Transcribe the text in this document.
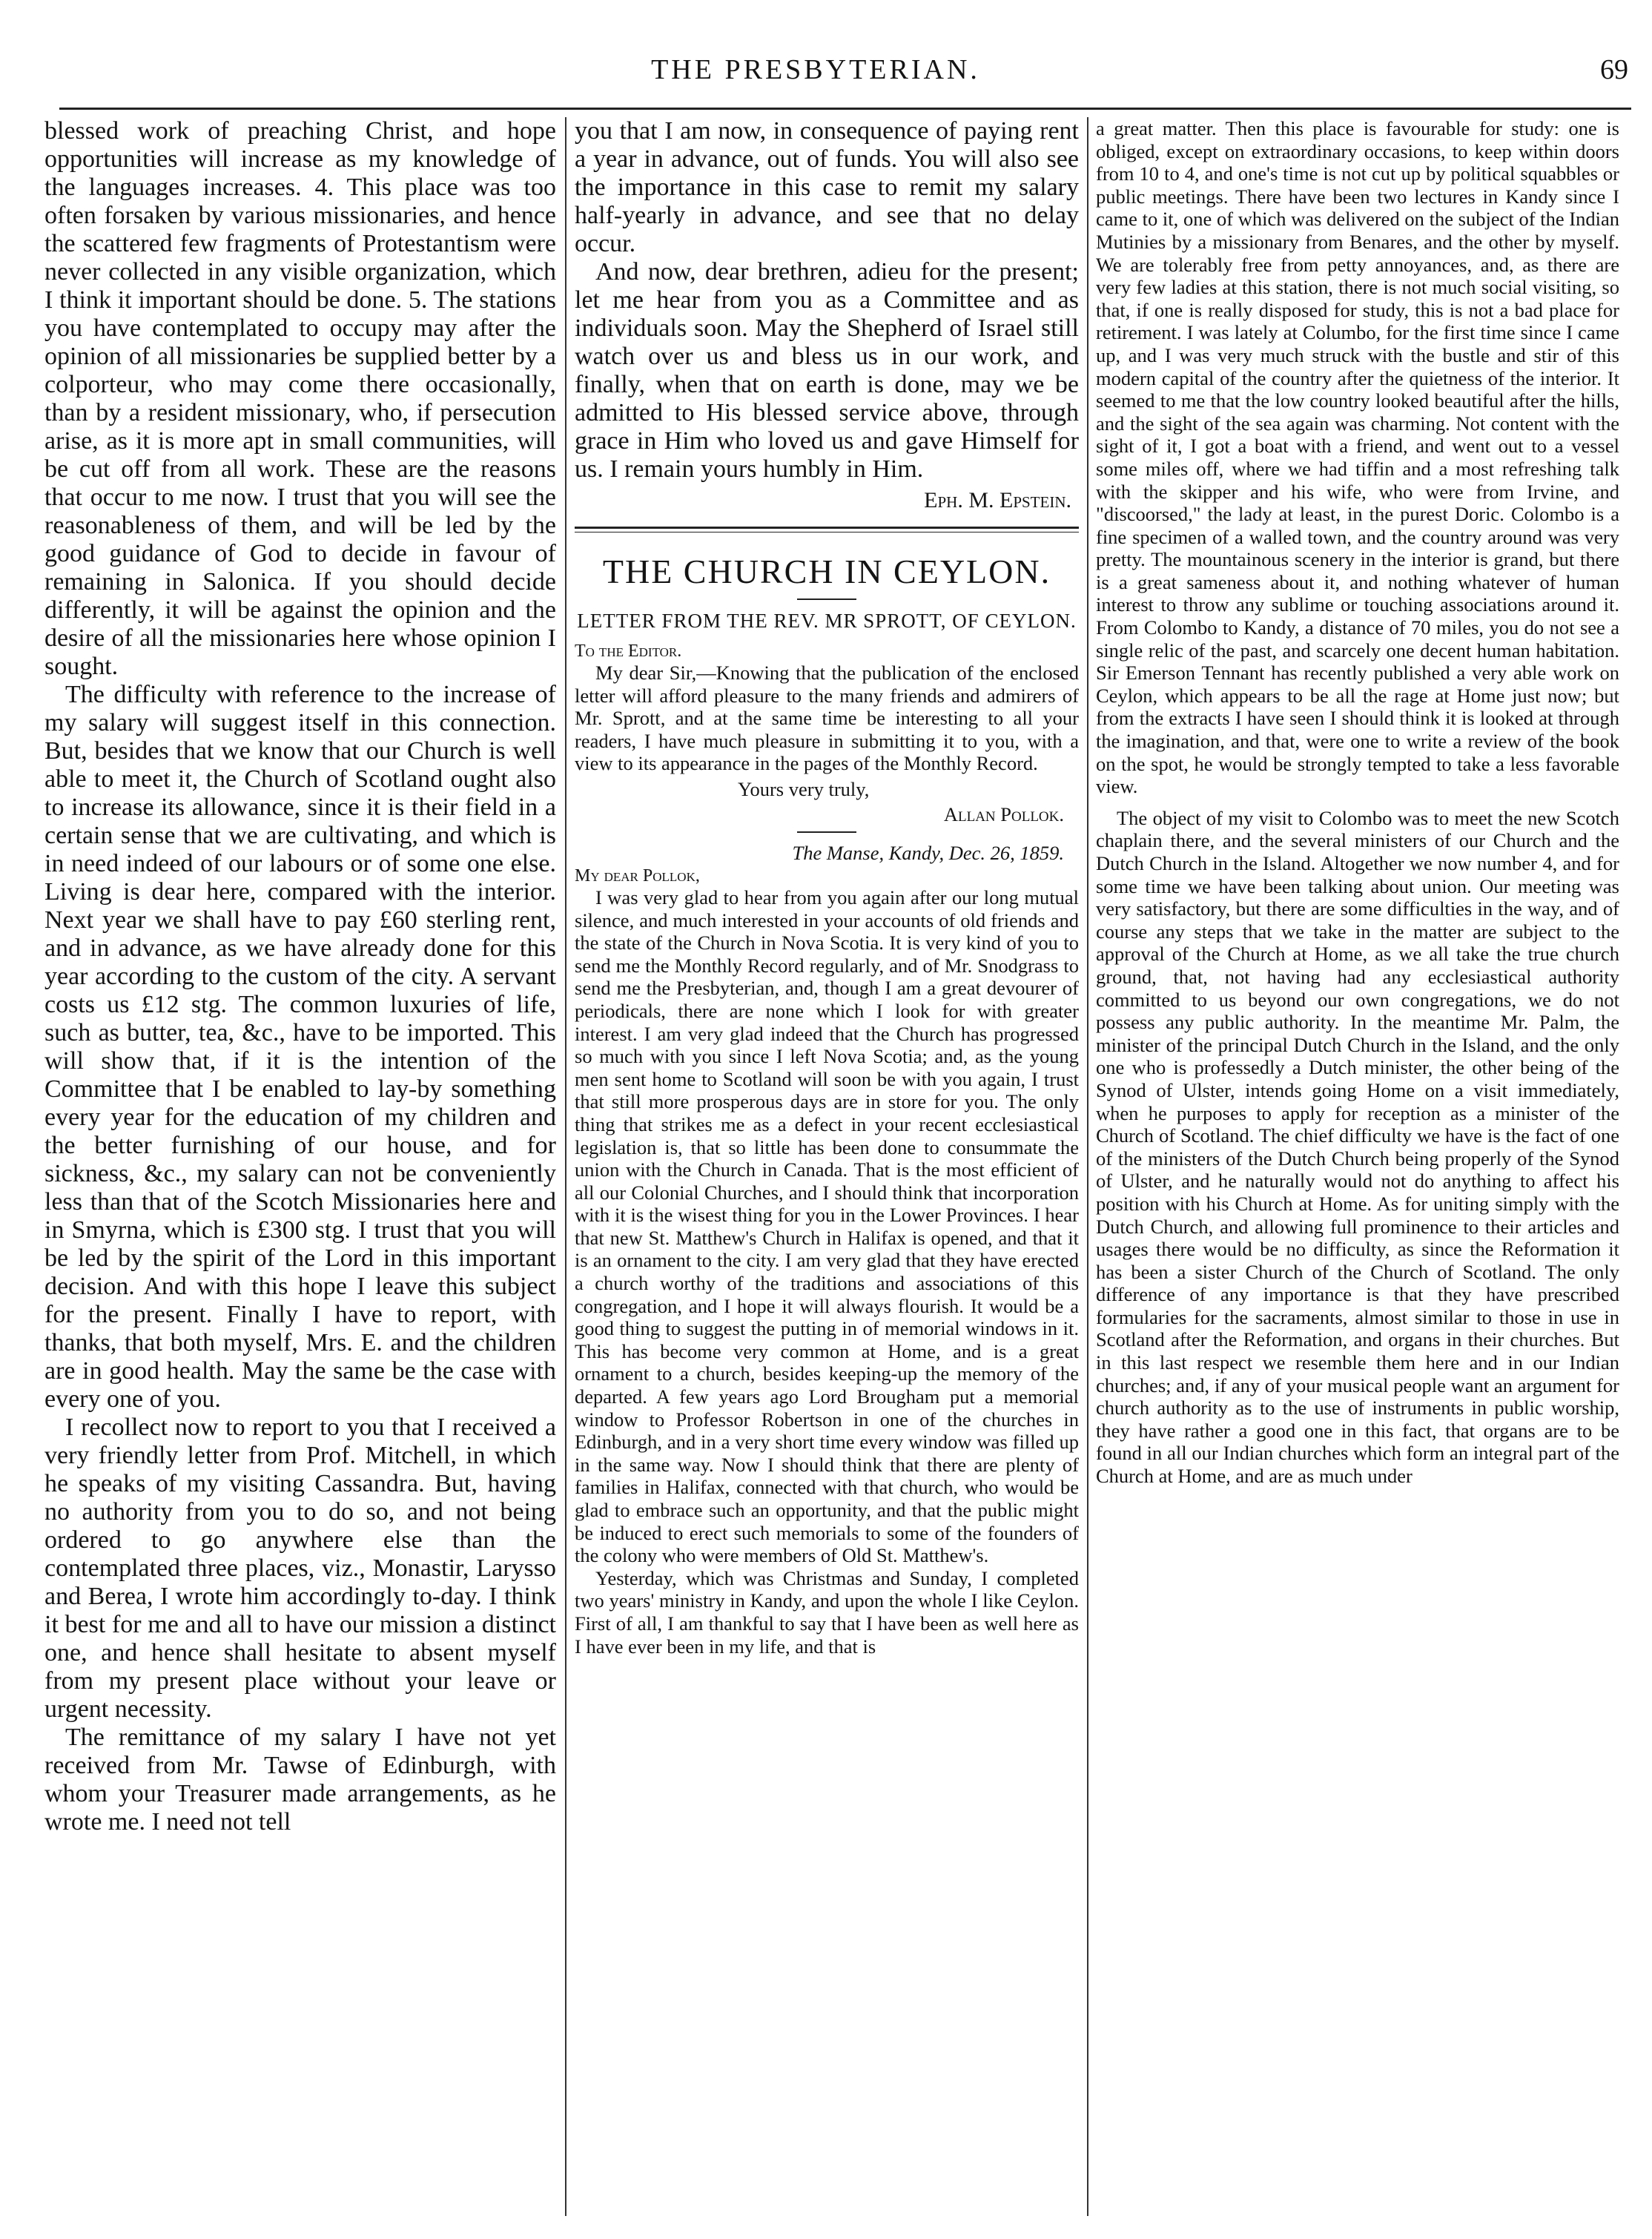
THE PRESBYTERIAN.	69

blessed work of preaching Christ, and hope opportunities will increase as my knowledge of the languages increases. 4. This place was too often forsaken by various missionaries, and hence the scattered few fragments of Protestantism were never collected in any visible organization, which I think it important should be done. 5. The stations you have contemplated to occupy may after the opinion of all missionaries be supplied better by a colporteur, who may come there occasionally, than by a resident missionary, who, if persecution arise, as it is more apt in small communities, will be cut off from all work. These are the reasons that occur to me now. I trust that you will see the reasonableness of them, and will be led by the good guidance of God to decide in favour of remaining in Salonica. If you should decide differently, it will be against the opinion and the desire of all the missionaries here whose opinion I sought.

The difficulty with reference to the increase of my salary will suggest itself in this connection. But, besides that we know that our Church is well able to meet it, the Church of Scotland ought also to increase its allowance, since it is their field in a certain sense that we are cultivating, and which is in need indeed of our labours or of some one else. Living is dear here, compared with the interior. Next year we shall have to pay £60 sterling rent, and in advance, as we have already done for this year according to the custom of the city. A servant costs us £12 stg. The common luxuries of life, such as butter, tea, &c., have to be imported. This will show that, if it is the intention of the Committee that I be enabled to lay-by something every year for the education of my children and the better furnishing of our house, and for sickness, &c., my salary can not be conveniently less than that of the Scotch Missionaries here and in Smyrna, which is £300 stg. I trust that you will be led by the spirit of the Lord in this important decision. And with this hope I leave this subject for the present. Finally I have to report, with thanks, that both myself, Mrs. E. and the children are in good health. May the same be the case with every one of you.

I recollect now to report to you that I received a very friendly letter from Prof. Mitchell, in which he speaks of my visiting Cassandra. But, having no authority from you to do so, and not being ordered to go anywhere else than the contemplated three places, viz., Monastir, Larysso and Berea, I wrote him accordingly to-day. I think it best for me and all to have our mission a distinct one, and hence shall hesitate to absent myself from my present place without your leave or urgent necessity.

The remittance of my salary I have not yet received from Mr. Tawse of Edinburgh, with whom your Treasurer made arrangements, as he wrote me. I need not tell

you that I am now, in consequence of paying rent a year in advance, out of funds. You will also see the importance in this case to remit my salary half-yearly in advance, and see that no delay occur.

And now, dear brethren, adieu for the present; let me hear from you as a Committee and as individuals soon. May the Shepherd of Israel still watch over us and bless us in our work, and finally, when that on earth is done, may we be admitted to His blessed service above, through grace in Him who loved us and gave Himself for us. I remain yours humbly in Him.

Eph. M. Epstein.
THE CHURCH IN CEYLON.
LETTER FROM THE REV. MR SPROTT, OF CEYLON.
To the Editor.

My dear Sir,—Knowing that the publication of the enclosed letter will afford pleasure to the many friends and admirers of Mr. Sprott, and at the same time be interesting to all your readers, I have much pleasure in submitting it to you, with a view to its appearance in the pages of the Monthly Record.

Yours very truly,
Allan Pollok.
The Manse, Kandy, Dec. 26, 1859.
My dear Pollok,

I was very glad to hear from you again after our long mutual silence, and much interested in your accounts of old friends and the state of the Church in Nova Scotia. It is very kind of you to send me the Monthly Record regularly, and of Mr. Snodgrass to send me the Presbyterian, and, though I am a great devourer of periodicals, there are none which I look for with greater interest. I am very glad indeed that the Church has progressed so much with you since I left Nova Scotia; and, as the young men sent home to Scotland will soon be with you again, I trust that still more prosperous days are in store for you. The only thing that strikes me as a defect in your recent ecclesiastical legislation is, that so little has been done to consummate the union with the Church in Canada. That is the most efficient of all our Colonial Churches, and I should think that incorporation with it is the wisest thing for you in the Lower Provinces. I hear that new St. Matthew's Church in Halifax is opened, and that it is an ornament to the city. I am very glad that they have erected a church worthy of the traditions and associations of this congregation, and I hope it will always flourish. It would be a good thing to suggest the putting in of memorial windows in it. This has become very common at Home, and is a great ornament to a church, besides keeping-up the memory of the departed. A few years ago Lord Brougham put a memorial window to Professor Robertson in one of the churches in Edinburgh, and in a very short time every window was filled up in the same way. Now I should think that there are plenty of families in Halifax, connected with that church, who would be glad to embrace such an opportunity, and that the public might be induced to erect such memorials to some of the founders of the colony who were members of Old St. Matthew's.

Yesterday, which was Christmas and Sunday, I completed two years' ministry in Kandy, and upon the whole I like Ceylon. First of all, I am thankful to say that I have been as well here as I have ever been in my life, and that is

a great matter. Then this place is favourable for study: one is obliged, except on extraordinary occasions, to keep within doors from 10 to 4, and one's time is not cut up by political squabbles or public meetings. There have been two lectures in Kandy since I came to it, one of which was delivered on the subject of the Indian Mutinies by a missionary from Benares, and the other by myself. We are tolerably free from petty annoyances, and, as there are very few ladies at this station, there is not much social visiting, so that, if one is really disposed for study, this is not a bad place for retirement. I was lately at Columbo, for the first time since I came up, and I was very much struck with the bustle and stir of this modern capital of the country after the quietness of the interior. It seemed to me that the low country looked beautiful after the hills, and the sight of the sea again was charming. Not content with the sight of it, I got a boat with a friend, and went out to a vessel some miles off, where we had tiffin and a most refreshing talk with the skipper and his wife, who were from Irvine, and "discoorsed," the lady at least, in the purest Doric. Colombo is a fine specimen of a walled town, and the country around was very pretty. The mountainous scenery in the interior is grand, but there is a great sameness about it, and nothing whatever of human interest to throw any sublime or touching associations around it. From Colombo to Kandy, a distance of 70 miles, you do not see a single relic of the past, and scarcely one decent human habitation. Sir Emerson Tennant has recently published a very able work on Ceylon, which appears to be all the rage at Home just now; but from the extracts I have seen I should think it is looked at through the imagination, and that, were one to write a review of the book on the spot, he would be strongly tempted to take a less favorable view.

The object of my visit to Colombo was to meet the new Scotch chaplain there, and the several ministers of our Church and the Dutch Church in the Island. Altogether we now number 4, and for some time we have been talking about union. Our meeting was very satisfactory, but there are some difficulties in the way, and of course any steps that we take in the matter are subject to the approval of the Church at Home, as we all take the true church ground, that, not having had any ecclesiastical authority committed to us beyond our own congregations, we do not possess any public authority. In the meantime Mr. Palm, the minister of the principal Dutch Church in the Island, and the only one who is professedly a Dutch minister, the other being of the Synod of Ulster, intends going Home on a visit immediately, when he purposes to apply for reception as a minister of the Church of Scotland. The chief difficulty we have is the fact of one of the ministers of the Dutch Church being properly of the Synod of Ulster, and he naturally would not do anything to affect his position with his Church at Home. As for uniting simply with the Dutch Church, and allowing full prominence to their articles and usages there would be no difficulty, as since the Reformation it has been a sister Church of the Church of Scotland. The only difference of any importance is that they have prescribed formularies for the sacraments, almost similar to those in use in Scotland after the Reformation, and organs in their churches. But in this last respect we resemble them here and in our Indian churches; and, if any of your musical people want an argument for church authority as to the use of instruments in public worship, they have rather a good one in this fact, that organs are to be found in all our Indian churches which form an integral part of the Church at Home, and are as much under
